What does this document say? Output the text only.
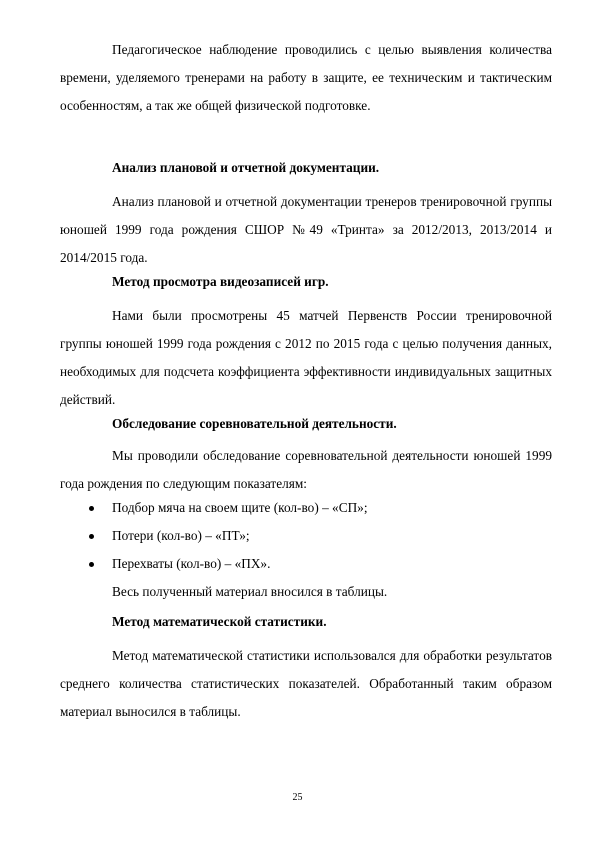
Педагогическое наблюдение проводились с целью выявления количества времени, уделяемого тренерами на работу в защите, ее техническим и тактическим особенностям, а так же общей физической подготовке.

Анализ плановой и отчетной документации.

Анализ плановой и отчетной документации тренеров тренировочной группы юношей 1999 года рождения СШОР №49 «Тринта» за 2012/2013, 2013/2014 и 2014/2015 года.

Метод просмотра видеозаписей игр.

Нами были просмотрены 45 матчей Первенств России тренировочной группы юношей 1999 года рождения с 2012 по 2015 года с целью получения данных, необходимых для подсчета коэффициента эффективности индивидуальных защитных действий.

Обследование соревновательной деятельности.

Мы проводили обследование соревновательной деятельности юношей 1999 года рождения по следующим показателям:

Подбор мяча на своем щите (кол-во) – «СП»;
Потери (кол-во) – «ПТ»;
Перехваты (кол-во) – «ПХ».

Весь полученный материал вносился в таблицы.

Метод математической статистики.

Метод математической статистики использовался для обработки результатов среднего количества статистических показателей. Обработанный таким образом материал выносился в таблицы.

25
